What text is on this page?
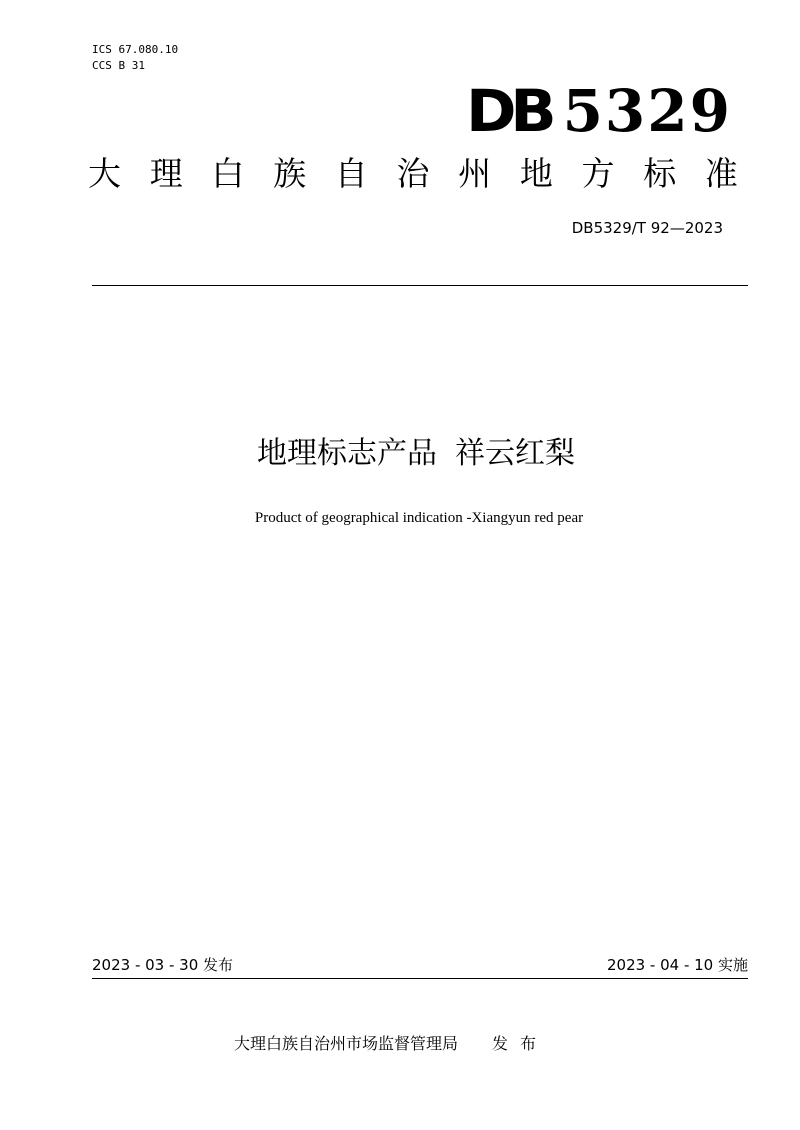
ICS 67.080.10
CCS B 31
DB 5329
大 理 白 族 自 治 州 地 方 标 准
DB5329/T 92—2023
地理标志产品 祥云红梨
Product of geographical indication -Xiangyun red pear
2023 - 03 - 30 发布	2023 - 04 - 10 实施
大理白族自治州市场监督管理局 发 布
